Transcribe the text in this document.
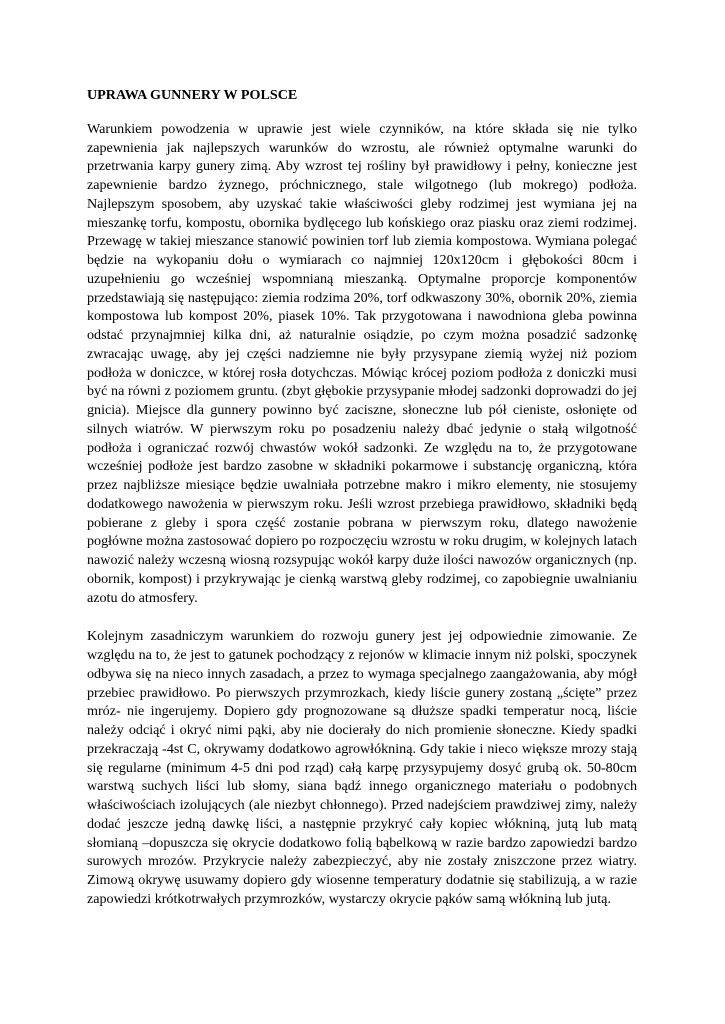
UPRAWA GUNNERY W POLSCE

Warunkiem powodzenia w uprawie jest wiele czynników, na które składa się nie tylko zapewnienia jak najlepszych warunków do wzrostu, ale również optymalne warunki do przetrwania karpy gunery zimą. Aby wzrost tej rośliny był prawidłowy i pełny, konieczne jest zapewnienie bardzo żyznego, próchnicznego, stale wilgotnego (lub mokrego) podłoża. Najlepszym sposobem, aby uzyskać takie właściwości gleby rodzimej jest wymiana jej na mieszankę torfu, kompostu, obornika bydlęcego lub końskiego oraz piasku oraz ziemi rodzimej. Przewagę w takiej mieszance stanowić powinien torf lub ziemia kompostowa. Wymiana polegać będzie na wykopaniu dołu o wymiarach co najmniej 120x120cm i głębokości 80cm i uzupełnieniu go wcześniej wspomnianą mieszanką. Optymalne proporcje komponentów przedstawiają się następująco: ziemia rodzima 20%, torf odkwaszony 30%, obornik 20%, ziemia kompostowa lub kompost 20%, piasek 10%. Tak przygotowana i nawodniona gleba powinna odstać przynajmniej kilka dni, aż naturalnie osiądzie, po czym można posadzić sadzonkę zwracając uwagę, aby jej części nadziemne nie były przysypane ziemią wyżej niż poziom podłoża w doniczce, w której rosła dotychczas. Mówiąc krócej poziom podłoża z doniczki musi być na równi z poziomem gruntu. (zbyt głębokie przysypanie młodej sadzonki doprowadzi do jej gnicia). Miejsce dla gunnery powinno być zaciszne, słoneczne lub pół cieniste, osłonięte od silnych wiatrów. W pierwszym roku po posadzeniu należy dbać jedynie o stałą wilgotność podłoża i ograniczać rozwój chwastów wokół sadzonki. Ze względu na to, że przygotowane wcześniej podłoże jest bardzo zasobne w składniki pokarmowe i substancję organiczną, która przez najbliższe miesiące będzie uwalniała potrzebne makro i mikro elementy, nie stosujemy dodatkowego nawożenia w pierwszym roku. Jeśli wzrost przebiega prawidłowo, składniki będą pobierane z gleby i spora część zostanie pobrana w pierwszym roku, dlatego nawożenie pogłówne można zastosować dopiero po rozpoczęciu wzrostu w roku drugim, w kolejnych latach nawozić należy wczesną wiosną rozsypując wokół karpy duże ilości nawozów organicznych (np. obornik, kompost) i przykrywając je cienką warstwą gleby rodzimej, co zapobiegnie uwalnianiu azotu do atmosfery.

Kolejnym zasadniczym warunkiem do rozwoju gunery jest jej odpowiednie zimowanie. Ze względu na to, że jest to gatunek pochodzący z rejonów w klimacie innym niż polski, spoczynek odbywa się na nieco innych zasadach, a przez to wymaga specjalnego zaangażowania, aby mógł przebiec prawidłowo. Po pierwszych przymrozkach, kiedy liście gunery zostaną „ścięte” przez mróz- nie ingerujemy. Dopiero gdy prognozowane są dłuższe spadki temperatur nocą, liście należy odciąć i okryć nimi pąki, aby nie docierały do nich promienie słoneczne. Kiedy spadki przekraczają -4st C, okrywamy dodatkowo agrowłókniną. Gdy takie i nieco większe mrozy stają się regularne (minimum 4-5 dni pod rząd) całą karpę przysypujemy dosyć grubą ok. 50-80cm warstwą suchych liści lub słomy, siana bądź innego organicznego materiału o podobnych właściwościach izolujących (ale niezbyt chłonnego). Przed nadejściem prawdziwej zimy, należy dodać jeszcze jedną dawkę liści, a następnie przykryć cały kopiec włókniną, jutą lub matą słomianą –dopuszcza się okrycie dodatkowo folią bąbelkową w razie bardzo zapowiedzi bardzo surowych mrozów. Przykrycie należy zabezpieczyć, aby nie zostały zniszczone przez wiatry. Zimową okrywę usuwamy dopiero gdy wiosenne temperatury dodatnie się stabilizują, a w razie zapowiedzi krótkotrwałych przymrozków, wystarczy okrycie pąków samą włókniną lub jutą.
